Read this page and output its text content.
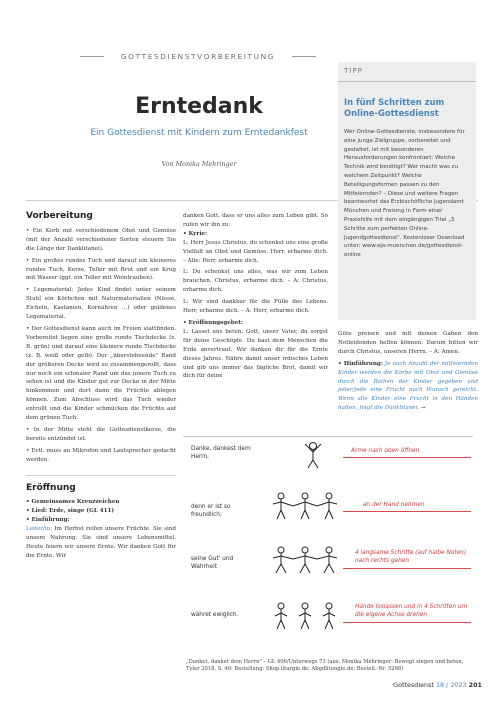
GOTTESDIENSTVORBEREITUNG
Erntedank
Ein Gottesdienst mit Kindern zum Erntedankfest
Von Monika Mehringer
TIPP
In fünf Schritten zum Online-Gottesdienst
Wer Online-Gottesdienste, insbesondere für eine junge Zielgruppe, vorbereitet und gestaltet, ist mit besonderen Herausforderungen konfrontiert: Welche Technik wird benötigt? Wer macht was zu welchem Zeitpunkt? Welche Beteiligungsformen passen zu den Mitfeiernden? – Diese und weitere Fragen beantwortet das Erzbischöfliche Jugendamt München und Freising in Form einer Praxishilfe mit dem eingängigen Titel „5 Schritte zum perfekten Online-Jugendgottesdienst". Kostenloser Download unter: www.eja-muenchen.de/gottesdienst-online
Vorbereitung

• Ein Korb mit verschiedenem Obst und Gemüse (mit der Anzahl verschiedener Sorten steuern Sie die Länge der Danklitanei).

• Ein großes rundes Tuch und darauf ein kleineres rundes Tuch, Kerze, Teller mit Brot und ein Krug mit Wasser (ggf. ein Teller mit Weintrauben).

• Legematerial: Jedes Kind findet unter seinem Stuhl ein Körbchen mit Naturmaterialien (Nüsse, Eicheln, Kastanien, Kornähren …) oder goldenes Legematerial.

• Der Gottesdienst kann auch im Freien stattfinden. Vorbereitet liegen eine große runde Tischdecke (z. B. grün) und darauf eine kleinere runde Tischdecke (z. B. weiß oder gelb). Der „übersteheende" Rand der größeren Decke wird so zusammengerollt, dass nur noch ein schmaler Rand um das innere Tuch zu sehen ist und die Kinder gut zur Decke in der Mitte hinkommen und dort dann die Früchte ablegen können. Zum Abschluss wird das Tuch wieder entrollt und die Kinder schmücken die Früchte auf dem grünen Tuch.

• In der Mitte steht die Gottesdienstkerze, die bereits entzündet ist.

• Evtl. muss an Mikrofon und Lautsprecher gedacht werden.

Eröffnung

• Gemeinsames Kreuzzeichen

• Lied: Erde, singe (GL 411)

• Einführung:

Leiter/in: Im Herbst reifen unsere Früchte. Sie sind unsere Nahrung. Sie sind unsere Lebensmittel. Heute feiern wir unsere Ernte. Wir danken Gott für die Ernte. Wir

danken Gott, dass er uns alles zum Leben gibt. So rufen wir ihn zu:

• Kyrie:

L: Herr Jesus Christus, du schenkst uns eine große Vielfalt an Obst und Gemüse. Herr, erbarme dich. – Alle: Herr, erbarme dich.

L: Du schenkst uns alles, was wir zum Leben brauchen. Christus, erbarme dich. – A: Christus, erbarme dich.

L: Wir sind dankbar für die Fülle des Lebens. Herr, erbarme dich. – A: Herr, erbarme dich.

• Eröffnungsgebet:

L: Lasset uns beten: Gott, unser Vater, du sorgst für deine Geschöpfe. Du hast dem Menschen die Erde anvertraut. Wir danken dir für die Ernte dieses Jahres. Nähre damit unser irdisches Leben und gib uns immer das tägliche Brot, damit wir dich für deine

Güte preisen und mit deinen Gaben den Notleidenden helfen können. Darum bitten wir durch Christus, unseren Herrn. – A: Amen.

• Hinführung: Je nach Anzahl der mitfeiernden Kinder werden die Körbe mit Obst und Gemüse durch die Reihen der Kinder gegeben und jeder/jede eine Frucht nach Wunsch gereicht. Wenn alle Kinder eine Frucht in den Händen halten, folgt die Danklitanei. →

Danke, dankest dem Herrn,
Arme nach oben öffnen
denn er ist so freundlich;
an der Hand nehmen
seine Gut' und Wahrheit
4 langsame Schritte (auf halbe Noten) nach rechts gehen
währet ewiglich.
Hände loslassen und in 4 Schritten um die eigene Achse drehen
„Danket, danket dem Herrn" – GL 406/Unterwegs 73 (aus: Monika Mehringer: Bewegt singen und beten, Tyler 2018, S. 40: Bestellung: Shop.liturgie.de; Abgdlitungle.de: Bestell.-Nr. 5268)
Gottesdienst 18 / 2023 201
